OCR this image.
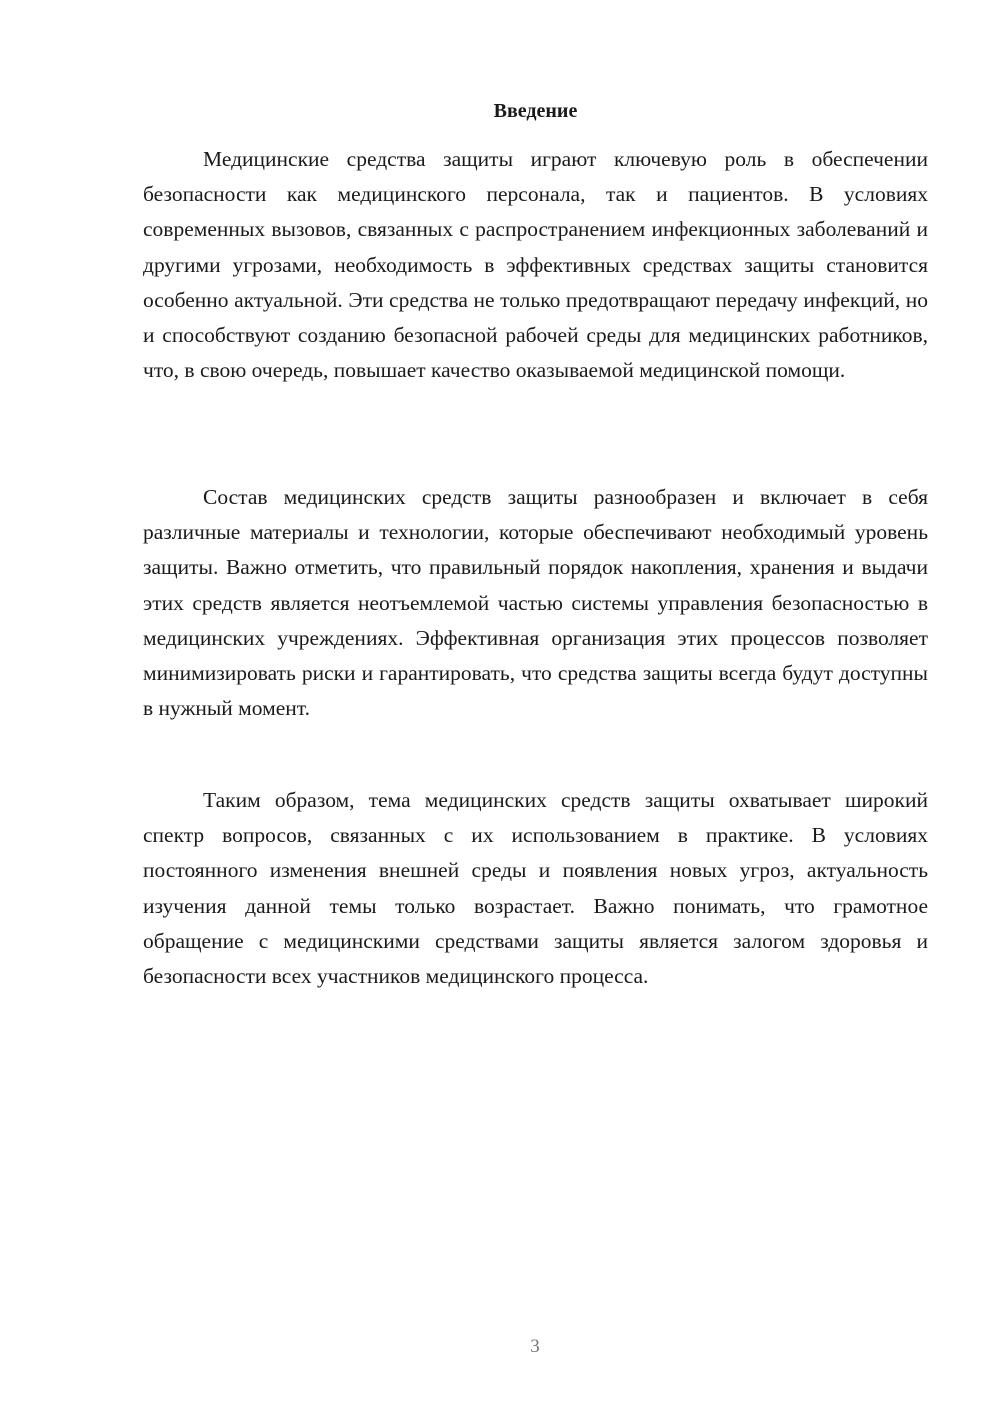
Введение

Медицинские средства защиты играют ключевую роль в обеспечении безопасности как медицинского персонала, так и пациентов. В условиях современных вызовов, связанных с распространением инфекционных заболеваний и другими угрозами, необходимость в эффективных средствах защиты становится особенно актуальной. Эти средства не только предотвращают передачу инфекций, но и способствуют созданию безопасной рабочей среды для медицинских работников, что, в свою очередь, повышает качество оказываемой медицинской помощи.

Состав медицинских средств защиты разнообразен и включает в себя различные материалы и технологии, которые обеспечивают необходимый уровень защиты. Важно отметить, что правильный порядок накопления, хранения и выдачи этих средств является неотъемлемой частью системы управления безопасностью в медицинских учреждениях. Эффективная организация этих процессов позволяет минимизировать риски и гарантировать, что средства защиты всегда будут доступны в нужный момент.

Таким образом, тема медицинских средств защиты охватывает широкий спектр вопросов, связанных с их использованием в практике. В условиях постоянного изменения внешней среды и появления новых угроз, актуальность изучения данной темы только возрастает. Важно понимать, что грамотное обращение с медицинскими средствами защиты является залогом здоровья и безопасности всех участников медицинского процесса.

3
